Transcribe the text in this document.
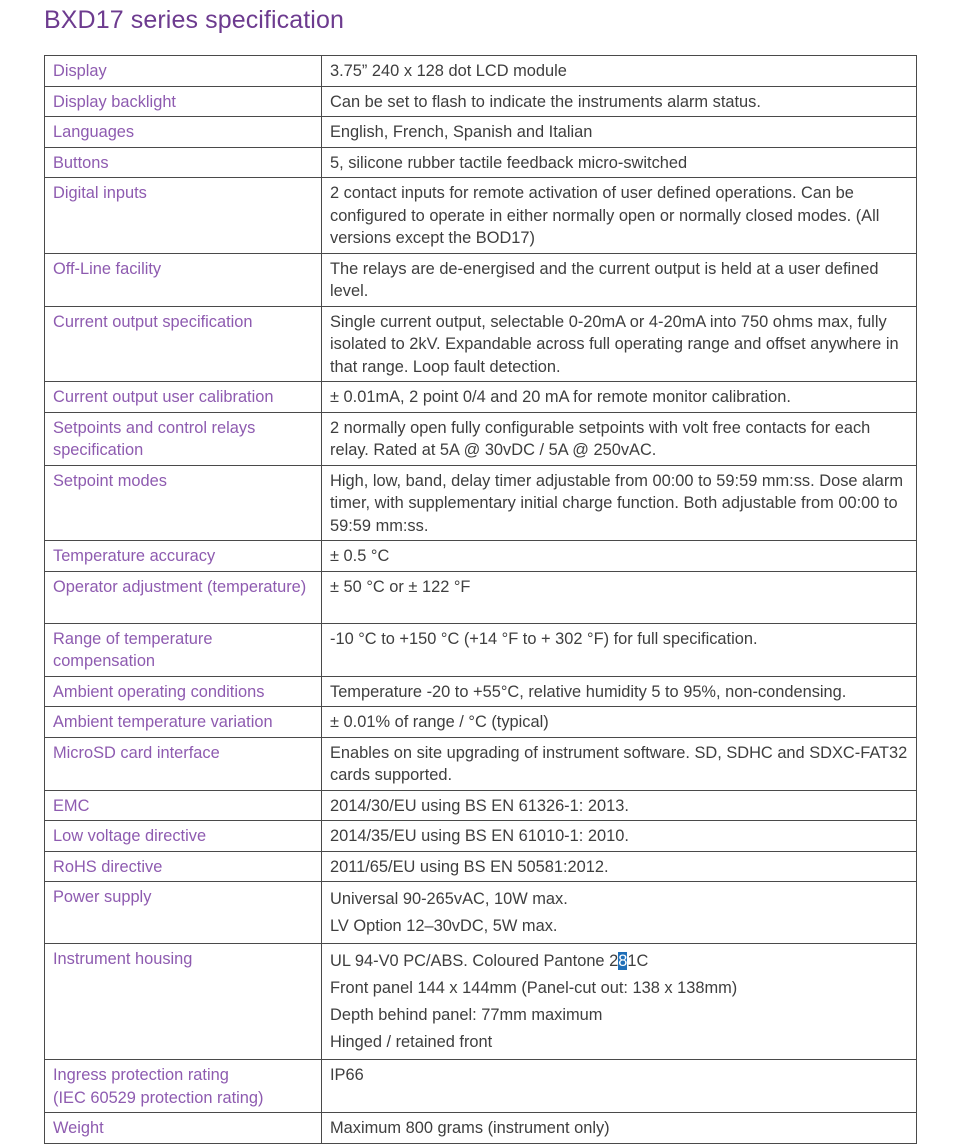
BXD17 series specification
Display	3.75” 240 x 128 dot LCD module
Display backlight	Can be set to flash to indicate the instruments alarm status.
Languages	English, French, Spanish and Italian
Buttons	5, silicone rubber tactile feedback micro-switched
Digital inputs	2 contact inputs for remote activation of user defined operations. Can be configured to operate in either normally open or normally closed modes. (All versions except the BOD17)
Off-Line facility	The relays are de-energised and the current output is held at a user defined level.
Current output specification	Single current output, selectable 0-20mA or 4-20mA into 750 ohms max, fully isolated to 2kV. Expandable across full operating range and offset anywhere in that range. Loop fault detection.
Current output user calibration	± 0.01mA, 2 point 0/4 and 20 mA for remote monitor calibration.
Setpoints and control relays specification	2 normally open fully configurable setpoints with volt free contacts for each relay. Rated at 5A @ 30vDC / 5A @ 250vAC.
Setpoint modes	High, low, band, delay timer adjustable from 00:00 to 59:59 mm:ss. Dose alarm timer, with supplementary initial charge function. Both adjustable from 00:00 to 59:59 mm:ss.
Temperature accuracy	± 0.5 °C
Operator adjustment (temperature)	± 50 °C or ± 122 °F
Range of temperature compensation	-10 °C to +150 °C (+14 °F to + 302 °F) for full specification.
Ambient operating conditions	Temperature -20 to +55°C, relative humidity 5 to 95%, non-condensing.
Ambient temperature variation	± 0.01% of range / °C (typical)
MicroSD card interface	Enables on site upgrading of instrument software. SD, SDHC and SDXC-FAT32 cards supported.
EMC	2014/30/EU using BS EN 61326-1: 2013.
Low voltage directive	2014/35/EU using BS EN 61010-1: 2010.
RoHS directive	2011/65/EU using BS EN 50581:2012.
Power supply	Universal 90-265vAC, 10W max.
LV Option 12–30vDC, 5W max.

Instrument housing	UL 94-V0 PC/ABS. Coloured Pantone 281C
Front panel 144 x 144mm (Panel-cut out: 138 x 138mm)
Depth behind panel: 77mm maximum
Hinged / retained front

Ingress protection rating
(IEC 60529 protection rating)	IP66
Weight	Maximum 800 grams (instrument only)
